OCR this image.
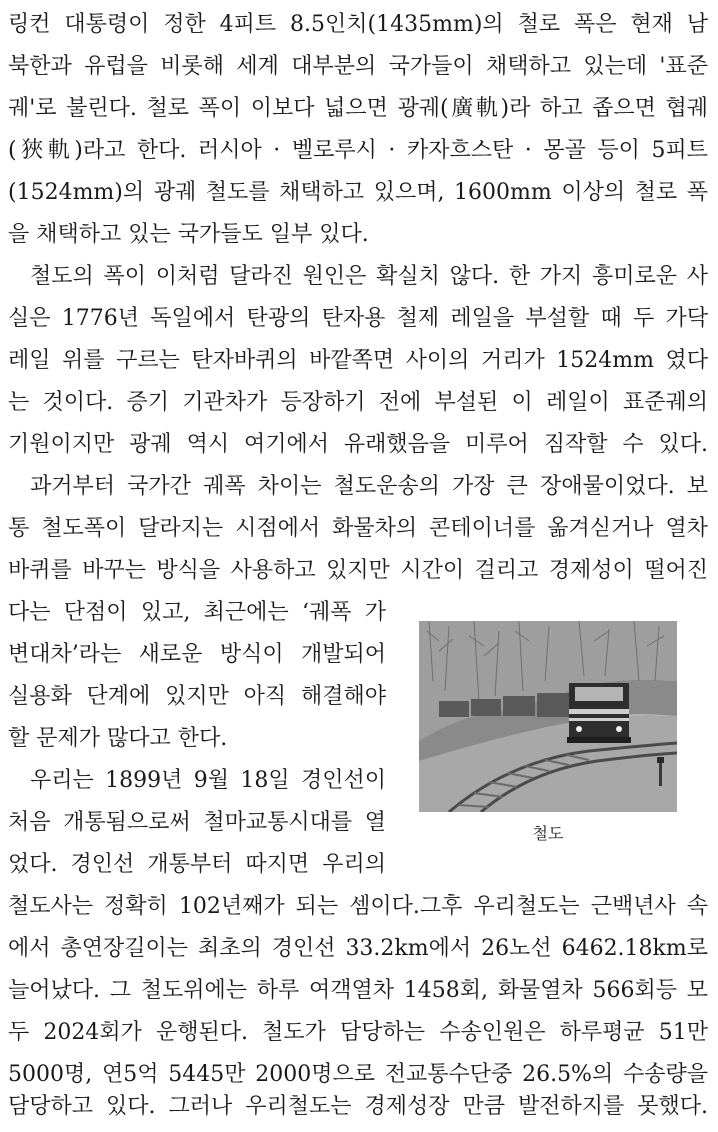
링컨 대통령이 정한 4피트 8.5인치(1435mm)의 철로 폭은 현재 남
북한과 유럽을 비롯해 세계 대부분의 국가들이 채택하고 있는데 '표준
궤'로 불린다. 철로 폭이 이보다 넓으면 광궤(廣軌)라 하고 좁으면 협궤
(狹軌)라고 한다. 러시아 · 벨로루시 · 카자흐스탄 · 몽골 등이 5피트
(1524mm)의 광궤 철도를 채택하고 있으며, 1600mm 이상의 철로 폭
을 채택하고 있는 국가들도 일부 있다.
철도의 폭이 이처럼 달라진 원인은 확실치 않다. 한 가지 흥미로운 사
실은 1776년 독일에서 탄광의 탄자용 철제 레일을 부설할 때 두 가닥
레일 위를 구르는 탄자바퀴의 바깥쪽면 사이의 거리가 1524mm 였다
는 것이다. 증기 기관차가 등장하기 전에 부설된 이 레일이 표준궤의
기원이지만 광궤 역시 여기에서 유래했음을 미루어 짐작할 수 있다.
과거부터 국가간 궤폭 차이는 철도운송의 가장 큰 장애물이었다. 보
통 철도폭이 달라지는 시점에서 화물차의 콘테이너를 옮겨싣거나 열차
바퀴를 바꾸는 방식을 사용하고 있지만 시간이 걸리고 경제성이 떨어진
다는 단점이 있고, 최근에는 ‘궤폭 가
변대차’라는 새로운 방식이 개발되어
실용화 단계에 있지만 아직 해결해야
할 문제가 많다고 한다.
우리는 1899년 9월 18일 경인선이
처음 개통됨으로써 철마교통시대를 열
었다. 경인선 개통부터 따지면 우리의
철도사는 정확히 102년째가 되는 셈이다.그후 우리철도는 근백년사 속
에서 총연장길이는 최초의 경인선 33.2km에서 26노선 6462.18km로
늘어났다. 그 철도위에는 하루 여객열차 1458회, 화물열차 566회등 모
두 2024회가 운행된다. 철도가 담당하는 수송인원은 하루평균 51만
5000명, 연5억 5445만 2000명으로 전교통수단중 26.5%의 수송량을
담당하고 있다. 그러나 우리철도는 경제성장 만큼 발전하지를 못했다.
철도
